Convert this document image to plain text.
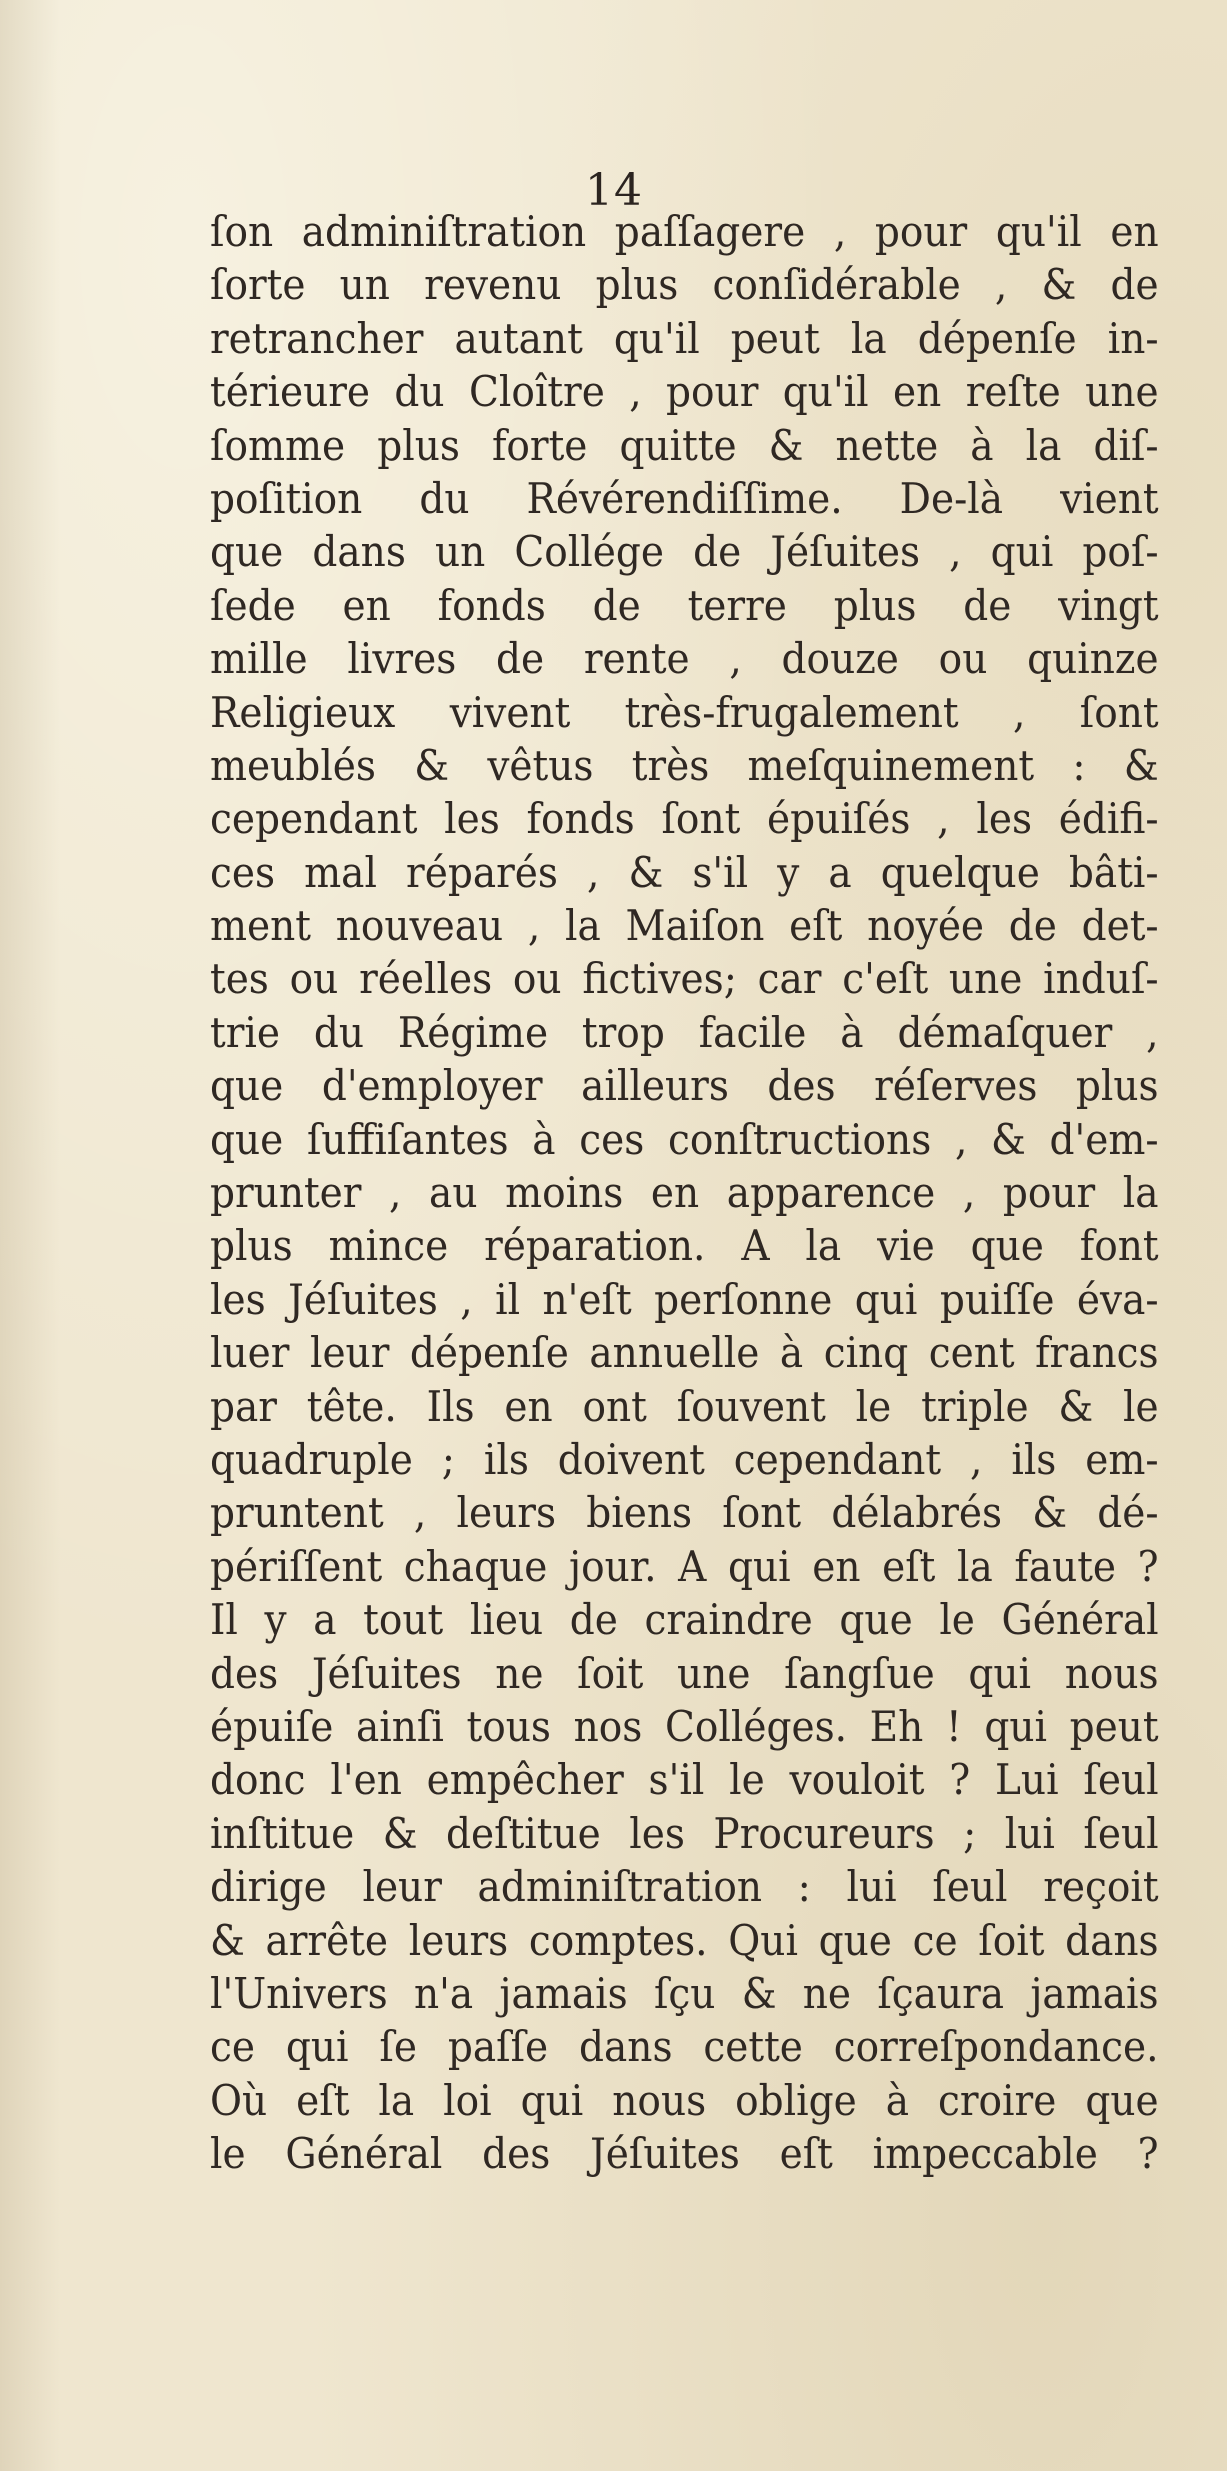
14
ſon adminiſtration paſſagere , pour qu'il en
ſorte un revenu plus conſidérable , & de
retrancher autant qu'il peut la dépenſe in-
térieure du Cloître , pour qu'il en reſte une
ſomme plus forte quitte & nette à la diſ-
poſition du Révérendiſſime. De-là vient
que dans un Collége de Jéſuites , qui poſ-
ſede en fonds de terre plus de vingt
mille livres de rente , douze ou quinze
Religieux vivent très-frugalement , ſont
meublés & vêtus très meſquinement : &
cependant les fonds ſont épuiſés , les édifi-
ces mal réparés , & s'il y a quelque bâti-
ment nouveau , la Maiſon eſt noyée de det-
tes ou réelles ou fictives; car c'eſt une induſ-
trie du Régime trop facile à démaſquer ,
que d'employer ailleurs des réſerves plus
que ſuffiſantes à ces conſtructions , & d'em-
prunter , au moins en apparence , pour la
plus mince réparation. A la vie que font
les Jéſuites , il n'eſt perſonne qui puiſſe éva-
luer leur dépenſe annuelle à cinq cent francs
par tête. Ils en ont ſouvent le triple & le
quadruple ; ils doivent cependant , ils em-
pruntent , leurs biens ſont délabrés & dé-
périſſent chaque jour. A qui en eſt la faute ?
Il y a tout lieu de craindre que le Général
des Jéſuites ne ſoit une ſangſue qui nous
épuiſe ainſi tous nos Colléges. Eh ! qui peut
donc l'en empêcher s'il le vouloit ? Lui ſeul
inſtitue & deſtitue les Procureurs ; lui ſeul
dirige leur adminiſtration : lui ſeul reçoit
& arrête leurs comptes. Qui que ce ſoit dans
l'Univers n'a jamais ſçu & ne ſçaura jamais
ce qui ſe paſſe dans cette correſpondance.
Où eſt la loi qui nous oblige à croire que
le Général des Jéſuites eſt impeccable ?
